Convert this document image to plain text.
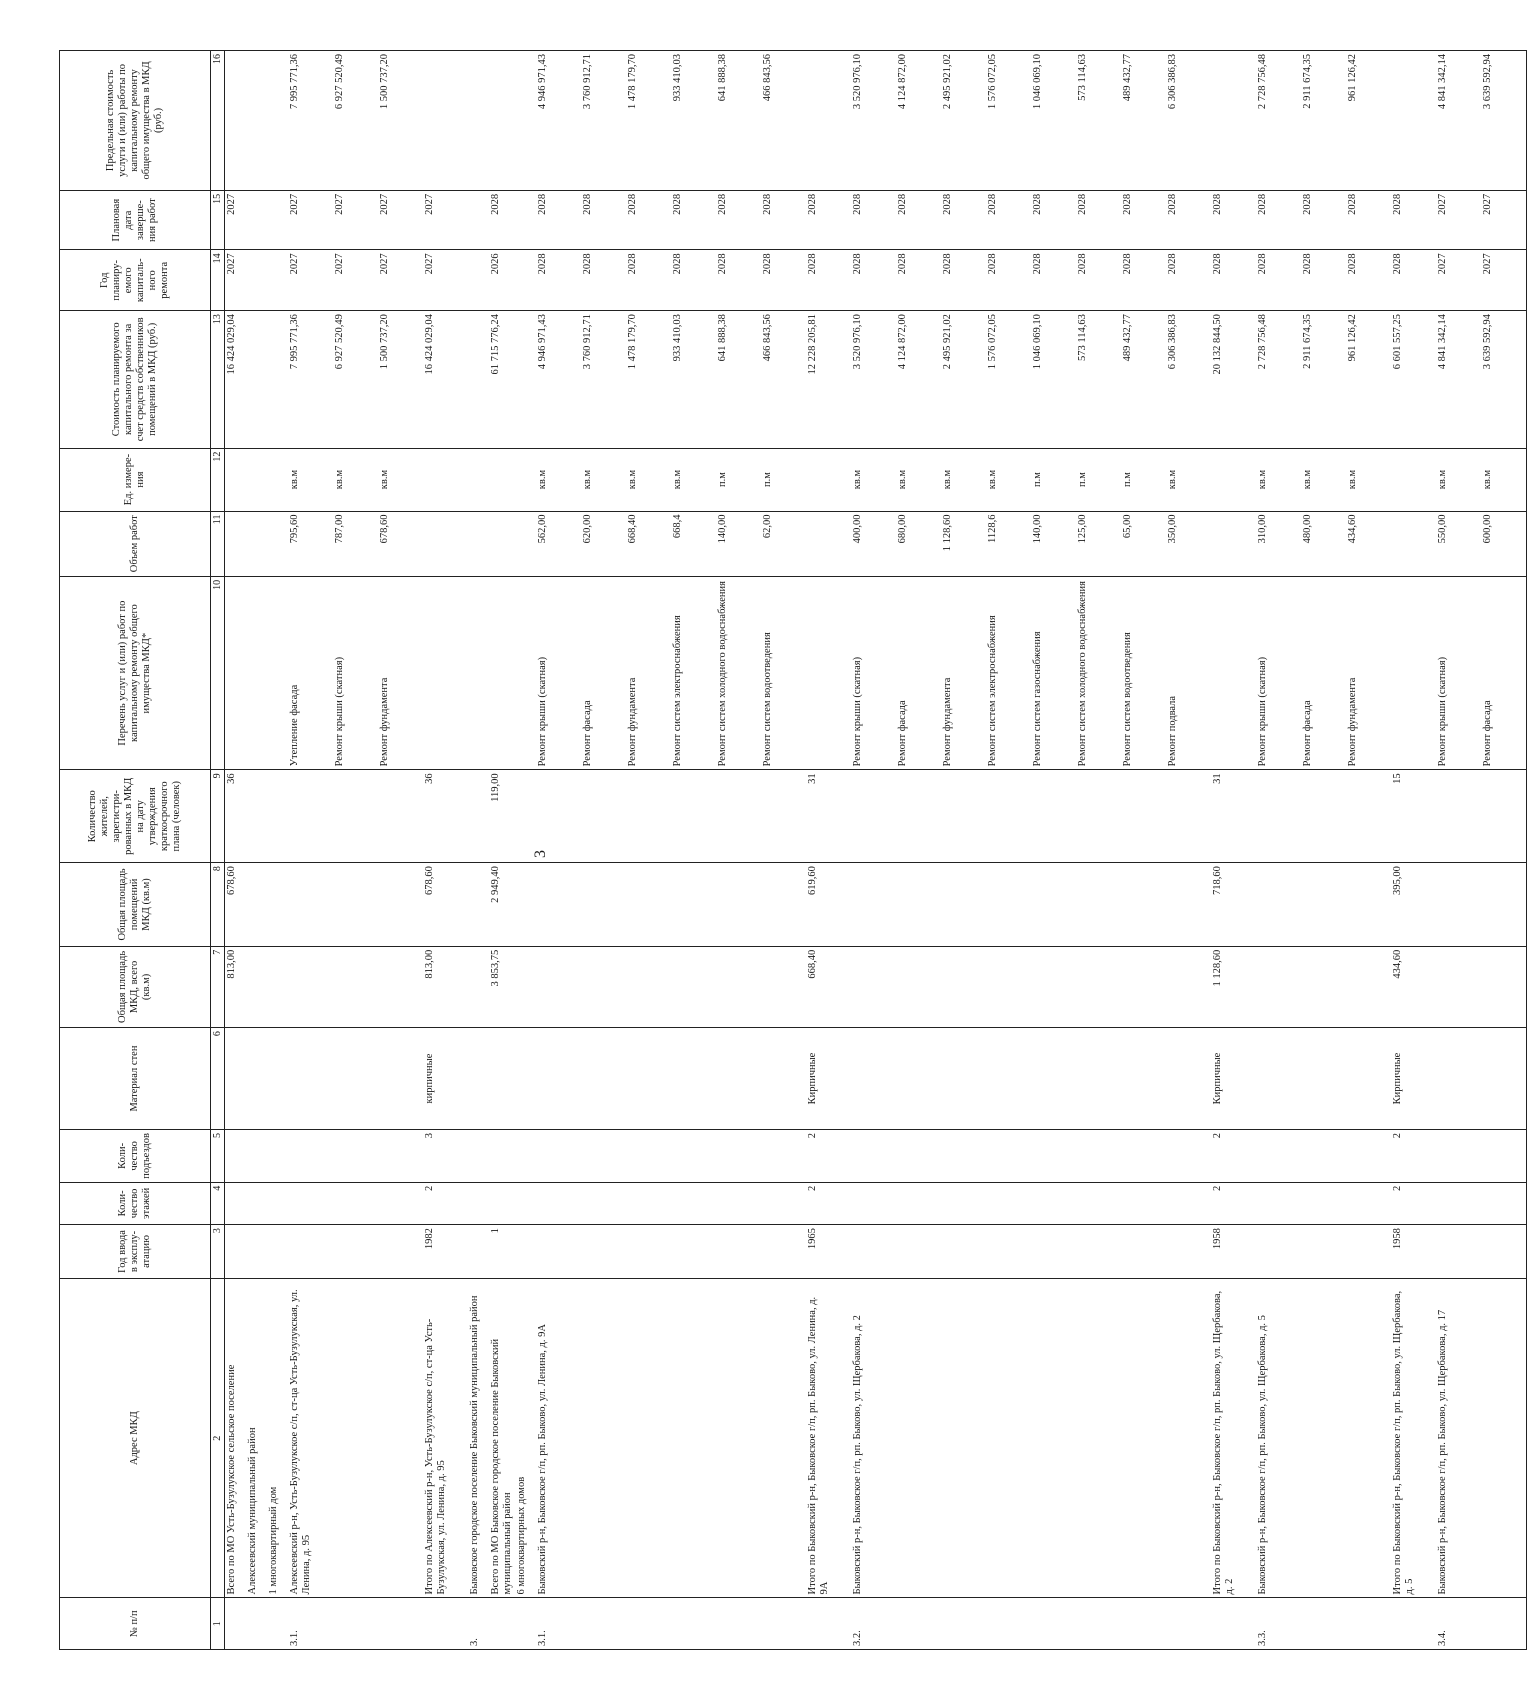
3
№ п/п	Адрес МКД	Год ввода в эксплу-атацию	Коли-чество этажей	Коли-чество подъездов	Материал стен	Общая площадь МКД, всего (кв.м)	Общая площадь помещений МКД (кв.м)	Количество жителей, зарегистри-рованных в МКД на дату утверждения краткосрочного плана (человек)	Перечень услуг и (или) работ по капитальному ремонту общего имущества МКД*	Объем работ	Ед. измере-ния	Стоимость планируемого капитального ремонта за счет средств собственников помещений в МКД (руб.)	Год планиру-емого капиталь-ного ремонта	Плановая дата заверше-ния работ	Предельная стоимость услуги и (или) работы по капитальному ремонту общего имущества в МКД (руб.)
1	2	3	4	5	6	7	8	9	10	11	12	13	14	15	16
	Всего по МО Усть-Бузулукское сельское поселение					813,00	678,60	36				16 424 029,04	2027	2027	
	Алексеевский муниципальный район														
	1 многоквартирный дом														
3.1.	Алексеевский р-н, Усть-Бузулукское с/п, ст-ца Усть-Бузулукская, ул. Ленина, д. 95								Утепление фасада	795,60	кв.м	7 995 771,36	2027	2027	7 995 771,36
									Ремонт крыши (скатная)	787,00	кв.м	6 927 520,49	2027	2027	6 927 520,49
									Ремонт фундамента	678,60	кв.м	1 500 737,20	2027	2027	1 500 737,20
	Итого по Алексеевский р-н, Усть-Бузулукское с/п, ст-ца Усть-Бузулукская, ул. Ленина, д. 95	1982	2	3	кирпичные	813,00	678,60	36				16 424 029,04	2027	2027	
3.	Быковское городское поселение Быковский муниципальный район														
	Всего по МО Быковское городское поселение Быковский муниципальный район	1				3 853,75	2 949,40	119,00				61 715 776,24	2026	2028	
	6 многоквартирных домов														
3.1.	Быковский р-н, Быковское г/п, рп. Быково, ул. Ленина, д. 9А								Ремонт крыши (скатная)	562,00	кв.м	4 946 971,43	2028	2028	4 946 971,43
									Ремонт фасада	620,00	кв.м	3 760 912,71	2028	2028	3 760 912,71
									Ремонт фундамента	668,40	кв.м	1 478 179,70	2028	2028	1 478 179,70
									Ремонт систем электроснабжения	668,4	кв.м	933 410,03	2028	2028	933 410,03
									Ремонт систем холодного водоснабжения	140,00	п.м	641 888,38	2028	2028	641 888,38
									Ремонт систем водоотведения	62,00	п.м	466 843,56	2028	2028	466 843,56
	Итого по Быковский р-н, Быковское г/п, рп. Быково, ул. Ленина, д. 9А	1965	2	2	Кирпичные	668,40	619,60	31				12 228 205,81	2028	2028	
3.2.	Быковский р-н, Быковское г/п, рп. Быково, ул. Щербакова, д. 2								Ремонт крыши (скатная)	400,00	кв.м	3 520 976,10	2028	2028	3 520 976,10
									Ремонт фасада	680,00	кв.м	4 124 872,00	2028	2028	4 124 872,00
									Ремонт фундамента	1 128,60	кв.м	2 495 921,02	2028	2028	2 495 921,02
									Ремонт систем электроснабжения	1128,6	кв.м	1 576 072,05	2028	2028	1 576 072,05
									Ремонт систем газоснабжения	140,00	п.м	1 046 069,10	2028	2028	1 046 069,10
									Ремонт систем холодного водоснабжения	125,00	п.м	573 114,63	2028	2028	573 114,63
									Ремонт систем водоотведения	65,00	п.м	489 432,77	2028	2028	489 432,77
									Ремонт подвала	350,00	кв.м	6 306 386,83	2028	2028	6 306 386,83
	Итого по Быковский р-н, Быковское г/п, рп. Быково, ул. Щербакова, д. 2	1958	2	2	Кирпичные	1 128,60	718,60	31				20 132 844,50	2028	2028	
3.3.	Быковский р-н, Быковское г/п, рп. Быково, ул. Щербакова, д. 5								Ремонт крыши (скатная)	310,00	кв.м	2 728 756,48	2028	2028	2 728 756,48
									Ремонт фасада	480,00	кв.м	2 911 674,35	2028	2028	2 911 674,35
									Ремонт фундамента	434,60	кв.м	961 126,42	2028	2028	961 126,42
	Итого по Быковский р-н, Быковское г/п, рп. Быково, ул. Щербакова, д. 5	1958	2	2	Кирпичные	434,60	395,00	15				6 601 557,25	2028	2028	
3.4.	Быковский р-н, Быковское г/п, рп. Быково, ул. Щербакова, д. 17								Ремонт крыши (скатная)	550,00	кв.м	4 841 342,14	2027	2027	4 841 342,14
									Ремонт фасада	600,00	кв.м	3 639 592,94	2027	2027	3 639 592,94
